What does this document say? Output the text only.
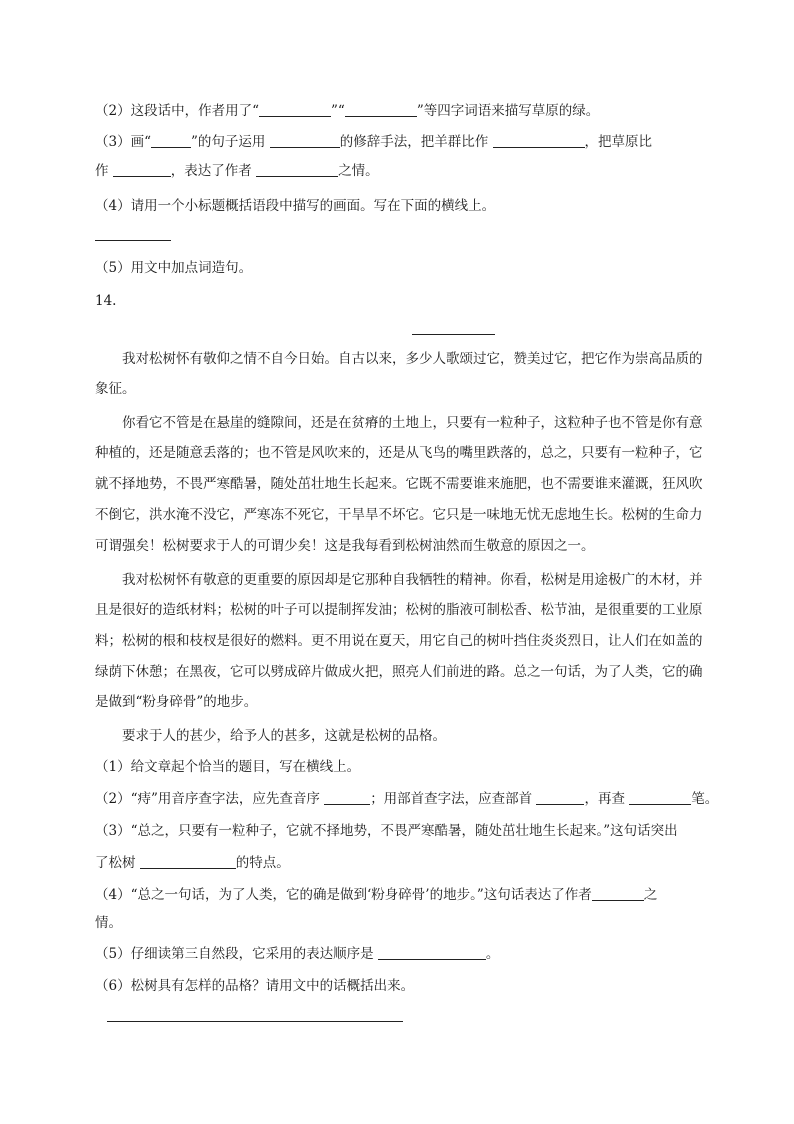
（2）这段话中，作者用了“	”“	”等四字词语来描写草原的绿。
（3）画“	”的句子运用	的修辞手法，把羊群比作	，把草原比
作	，表达了作者	之情。
（4）请用一个小标题概括语段中描写的画面。写在下面的横线上。
（5）用文中加点词造句。
14.
我对松树怀有敬仰之情不自今日始。自古以来，多少人歌颂过它，赞美过它，把它作为崇高品质的
象征。
你看它不管是在悬崖的缝隙间，还是在贫瘠的土地上，只要有一粒种子，这粒种子也不管是你有意
种植的，还是随意丢落的；也不管是风吹来的，还是从飞鸟的嘴里跌落的，总之，只要有一粒种子，它
就不择地势，不畏严寒酷暑，随处茁壮地生长起来。它既不需要谁来施肥，也不需要谁来灌溉，狂风吹
不倒它，洪水淹不没它，严寒冻不死它，干旱旱不坏它。它只是一味地无忧无虑地生长。松树的生命力
可谓强矣！松树要求于人的可谓少矣！这是我每看到松树油然而生敬意的原因之一。
我对松树怀有敬意的更重要的原因却是它那种自我牺牲的精神。你看，松树是用途极广的木材，并
且是很好的造纸材料；松树的叶子可以提制挥发油；松树的脂液可制松香、松节油，是很重要的工业原
料；松树的根和枝杈是很好的燃料。更不用说在夏天，用它自己的树叶挡住炎炎烈日，让人们在如盖的
绿荫下休憩；在黑夜，它可以劈成碎片做成火把，照亮人们前进的路。总之一句话，为了人类，它的确
是做到“粉身碎骨”的地步。
要求于人的甚少，给予人的甚多，这就是松树的品格。
（1）给文章起个恰当的题目，写在横线上。
（2）“痔”用音序查字法，应先查音序	；用部首查字法，应查部首	，再查	笔。
（3）“总之，只要有一粒种子，它就不择地势，不畏严寒酷暑，随处茁壮地生长起来。”这句话突出
了松树	的特点。
（4）“总之一句话，为了人类，它的确是做到‘粉身碎骨’的地步。”这句话表达了作者	之
情。
（5）仔细读第三自然段，它采用的表达顺序是	。
（6）松树具有怎样的品格？请用文中的话概括出来。
